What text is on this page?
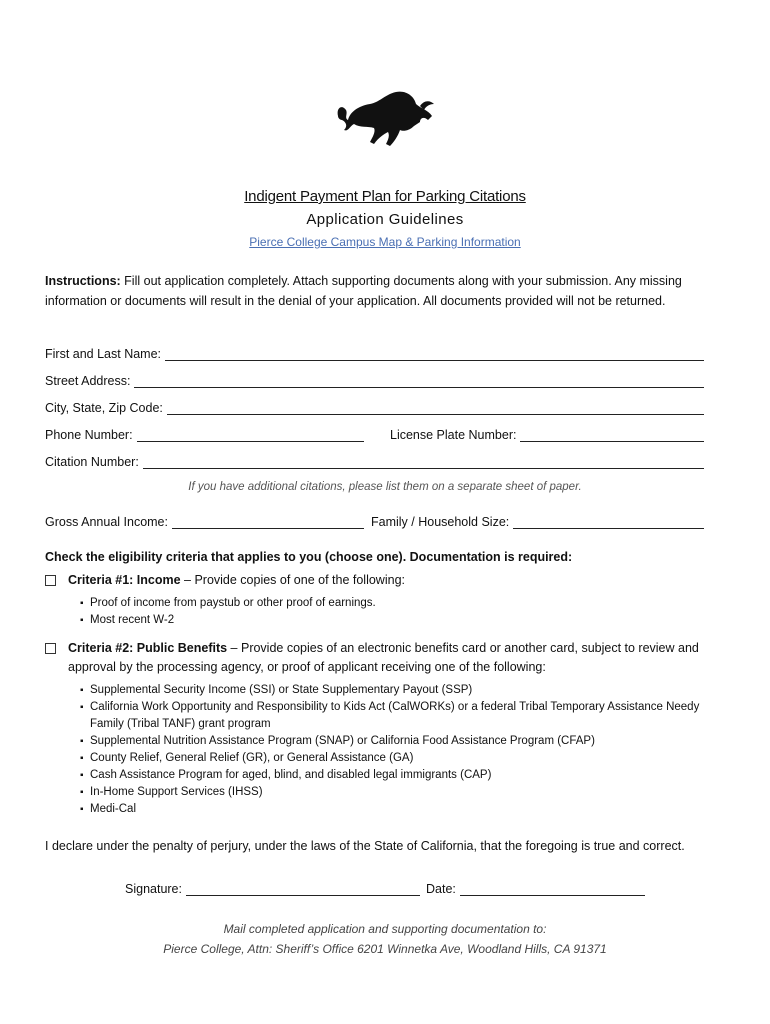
Indigent Payment Plan for Parking Citations
Application Guidelines
Pierce College Campus Map & Parking Information
Instructions: Fill out application completely. Attach supporting documents along with your submission. Any missing information or documents will result in the denial of your application. All documents provided will not be returned.
First and Last Name:
Street Address:
City, State, Zip Code:
Phone Number:	License Plate Number:
Citation Number:
If you have additional citations, please list them on a separate sheet of paper.
Gross Annual Income:	Family / Household Size:
Check the eligibility criteria that applies to you (choose one). Documentation is required:
Criteria #1: Income – Provide copies of one of the following:
▪ Proof of income from paystub or other proof of earnings.
▪ Most recent W-2
Criteria #2: Public Benefits – Provide copies of an electronic benefits card or another card, subject to review and approval by the processing agency, or proof of applicant receiving one of the following:
▪ Supplemental Security Income (SSI) or State Supplementary Payout (SSP)
▪ California Work Opportunity and Responsibility to Kids Act (CalWORKs) or a federal Tribal Temporary Assistance Needy Family (Tribal TANF) grant program
▪ Supplemental Nutrition Assistance Program (SNAP) or California Food Assistance Program (CFAP)
▪ County Relief, General Relief (GR), or General Assistance (GA)
▪ Cash Assistance Program for aged, blind, and disabled legal immigrants (CAP)
▪ In-Home Support Services (IHSS)
▪ Medi-Cal
I declare under the penalty of perjury, under the laws of the State of California, that the foregoing is true and correct.
Signature:	Date:
Mail completed application and supporting documentation to:
Pierce College, Attn: Sheriff’s Office 6201 Winnetka Ave, Woodland Hills, CA 91371
